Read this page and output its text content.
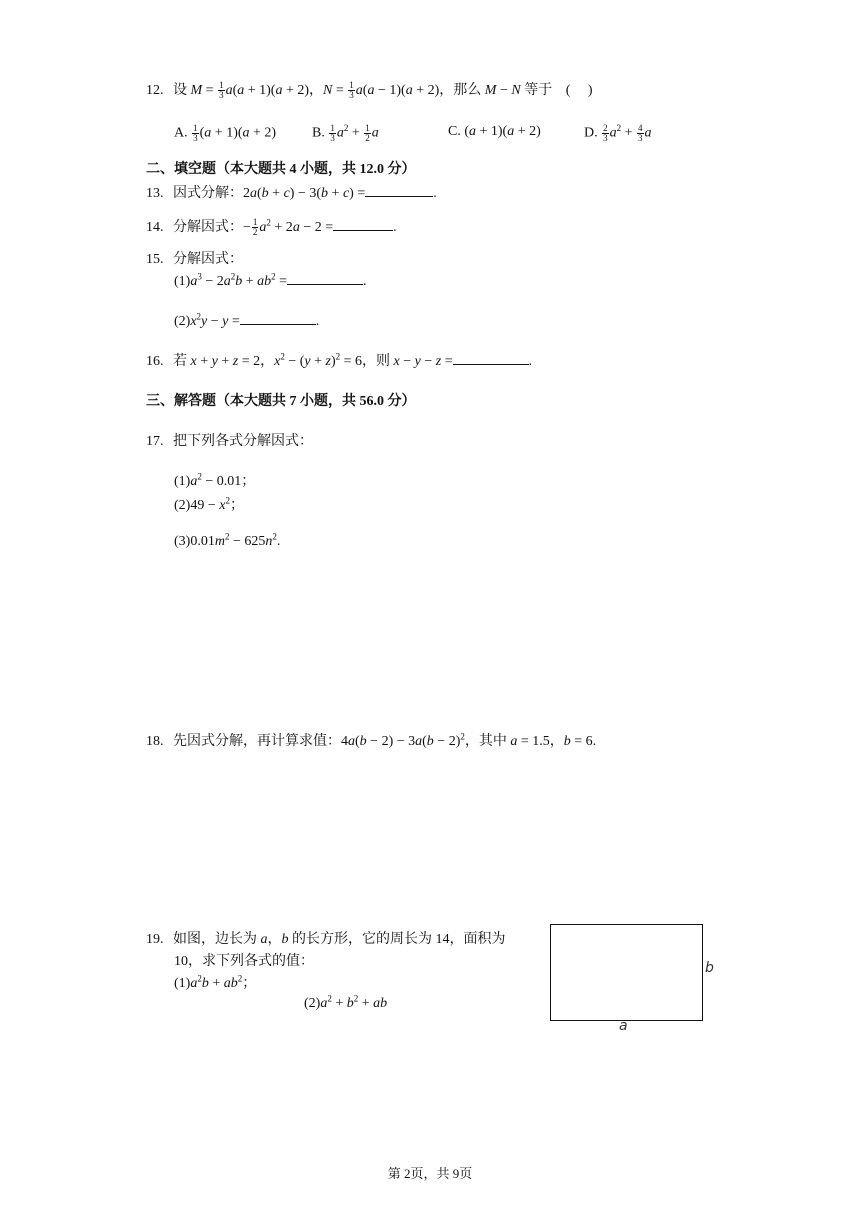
12. 设 $M = \frac{1}{3} a(a + 1)(a + 2)$，$N = \frac{1}{3} a(a - 1)(a + 2)$，那么 M − N 等于 (　 )
A. $\frac{1}{3} (a + 1)(a + 2)$	B. $\frac{1}{3} a^2 + \frac{1}{2}$ a	C. (a + 1)(a + 2)	D. $\frac{2}{3} a^2 + \frac{4}{3}$ a
二、填空题（本大题共 4 小题，共 12.0 分）
13. 因式分解：2a(b + c) − 3(b + c) =	.
14. 分解因式：− $\frac{1}{2} a^2 + 2a - 2$ =	.
15. 分解因式：
$(1)a^3 - 2a^2b + ab^2$ =	.
$(2)x^2y - y$ =	.
16. 若 x + y + z = 2，$x^2 - (y + z)^2 = 6$，则 x − y − z =	.
三、解答题（本大题共 7 小题，共 56.0 分）
17. 把下列各式分解因式：
$(1)a^2 - 0.01$；
$(2)49 - x^2$；
$(3)0.01m^2 - 625n^2$.
18. 先因式分解，再计算求值：$4a(b - 2) - 3a(b - 2)^2$，其中 a = 1.5，b = 6.
19. 如图，边长为 a，b 的长方形，它的周长为 14，面积为
10，求下列各式的值：
$(1)a^2b + ab^2$；
$(2)a^2 + b^2$ + ab
b
a
第 2页，共 9页
